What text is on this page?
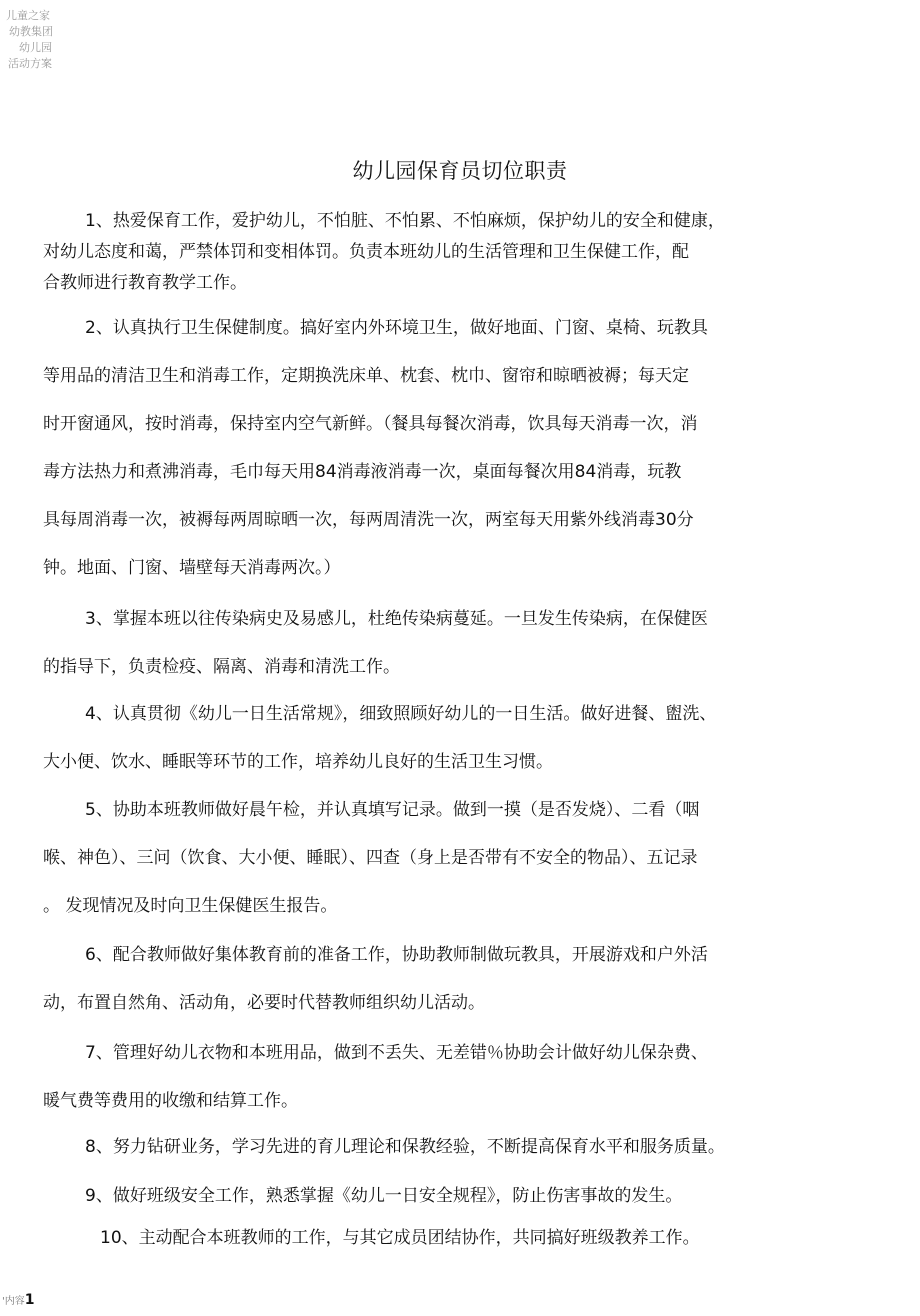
儿童之家
幼教集团
幼儿园
活动方案
幼儿园保育员切位职责
1、热爱保育工作，爱护幼儿，不怕脏、不怕累、不怕麻烦，保护幼儿的安全和健康，
对幼儿态度和蔼，严禁体罚和变相体罚。负责本班幼儿的生活管理和卫生保健工作，配
合教师进行教育教学工作。
2、认真执行卫生保健制度。搞好室内外环境卫生，做好地面、门窗、桌椅、玩教具
等用品的清洁卫生和消毒工作，定期换洗床单、枕套、枕巾、窗帘和晾晒被褥；每天定
时开窗通风，按时消毒，保持室内空气新鲜。（餐具每餐次消毒，饮具每天消毒一次，消
毒方法热力和煮沸消毒，毛巾每天用84消毒液消毒一次，桌面每餐次用84消毒，玩教
具每周消毒一次，被褥每两周晾晒一次，每两周清洗一次，两室每天用紫外线消毒30分
钟。地面、门窗、墙壁每天消毒两次。）
3、掌握本班以往传染病史及易感儿，杜绝传染病蔓延。一旦发生传染病，在保健医
的指导下，负责检疫、隔离、消毒和清洗工作。
4、认真贯彻《幼儿一日生活常规》，细致照顾好幼儿的一日生活。做好进餐、盥洗、
大小便、饮水、睡眠等环节的工作，培养幼儿良好的生活卫生习惯。
5、协助本班教师做好晨午检，并认真填写记录。做到一摸（是否发烧）、二看（咽
喉、神色）、三问（饮食、大小便、睡眠）、四查（身上是否带有不安全的物品）、五记录
。 发现情况及时向卫生保健医生报告。
6、配合教师做好集体教育前的准备工作，协助教师制做玩教具，开展游戏和户外活
动，布置自然角、活动角，必要时代替教师组织幼儿活动。
7、管理好幼儿衣物和本班用品，做到不丢失、无差错％协助会计做好幼儿保杂费、
暖气费等费用的收缴和结算工作。
8、努力钻研业务，学习先进的育儿理论和保教经验，不断提高保育水平和服务质量。
9、做好班级安全工作，熟悉掌握《幼儿一日安全规程》，防止伤害事故的发生。
10、主动配合本班教师的工作，与其它成员团结协作，共同搞好班级教养工作。
'内容1
